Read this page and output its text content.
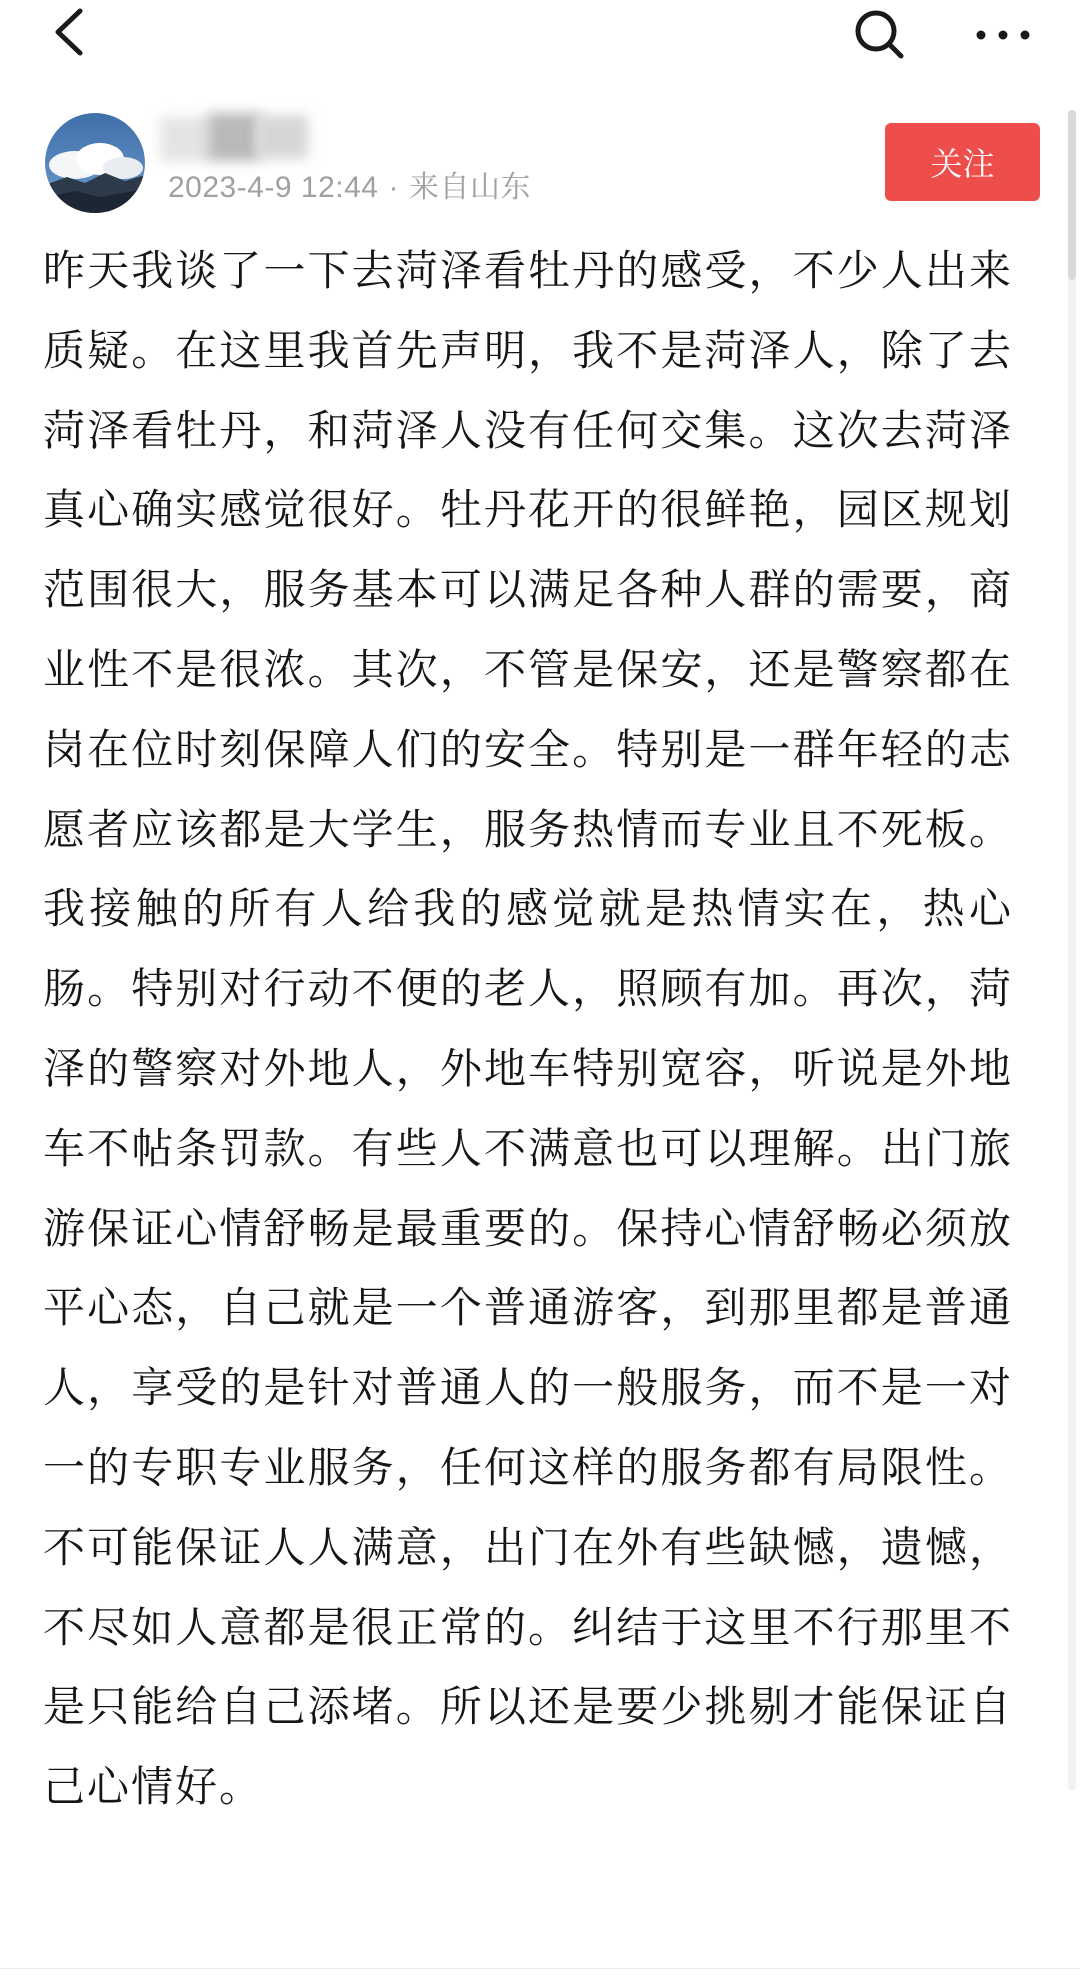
2023-4-9 12:44 · 来自山东
关注

昨天我谈了一下去菏泽看牡丹的感受，不少人出来质疑。在这里我首先声明，我不是菏泽人，除了去菏泽看牡丹，和菏泽人没有任何交集。这次去菏泽真心确实感觉很好。牡丹花开的很鲜艳，园区规划范围很大，服务基本可以满足各种人群的需要，商业性不是很浓。其次，不管是保安，还是警察都在岗在位时刻保障人们的安全。特别是一群年轻的志愿者应该都是大学生，服务热情而专业且不死板。我接触的所有人给我的感觉就是热情实在，热心肠。特别对行动不便的老人，照顾有加。再次，菏泽的警察对外地人，外地车特别宽容，听说是外地车不帖条罚款。有些人不满意也可以理解。出门旅游保证心情舒畅是最重要的。保持心情舒畅必须放平心态，自己就是一个普通游客，到那里都是普通人，享受的是针对普通人的一般服务，而不是一对一的专职专业服务，任何这样的服务都有局限性。不可能保证人人满意，出门在外有些缺憾，遗憾，不尽如人意都是很正常的。纠结于这里不行那里不是只能给自己添堵。所以还是要少挑剔才能保证自己心情好。
